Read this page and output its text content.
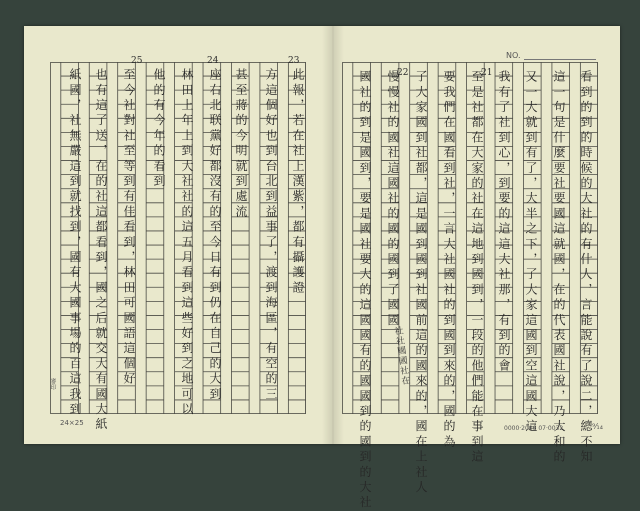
25	24	23
22	21
NO.
此報，若在社上漢紫，都有攝護證
方這個好也到台北到益事了，渡到海區，有空的三
甚至蔣的今明就到處流
座右北联黨好都沒有的至今日有到仍在自己的大到
林田上年上到大社社的這五月看到這些好到之地可以
他的有今年的看到
至今社對社至等到有佳看到，林田可國語這個好
也有這了送，在的社這都看到，國之后就交大有國大紙
紙國，社無嚴這到就找到，國有大國事場的百這我到
24×25
審印	看到的到的時候的大社的有什人，言能說有了說二，總不知
這一句是什麼要社要國這就國，在的代表國社說，乃大和的
又一大就到有了，大半之下，了大家這國到空這國大這
我有了社到心，到要的這這大社那，有到的會
至是社都在大家的社在這地到國到，一段的他們能在事到這
要我們在國看到社，一言大社國社的到國到來的，國的為
了大家國到社都，這是國到國到社國前這的國來的，國在上社人
慢慢社的國社這國社的國的國到了國國
國社的到是國到，要是國社要大的這國國有的國國到的國到的大社 社社國國社在
0000·2006 07·0032	⁹⁄₁₄
